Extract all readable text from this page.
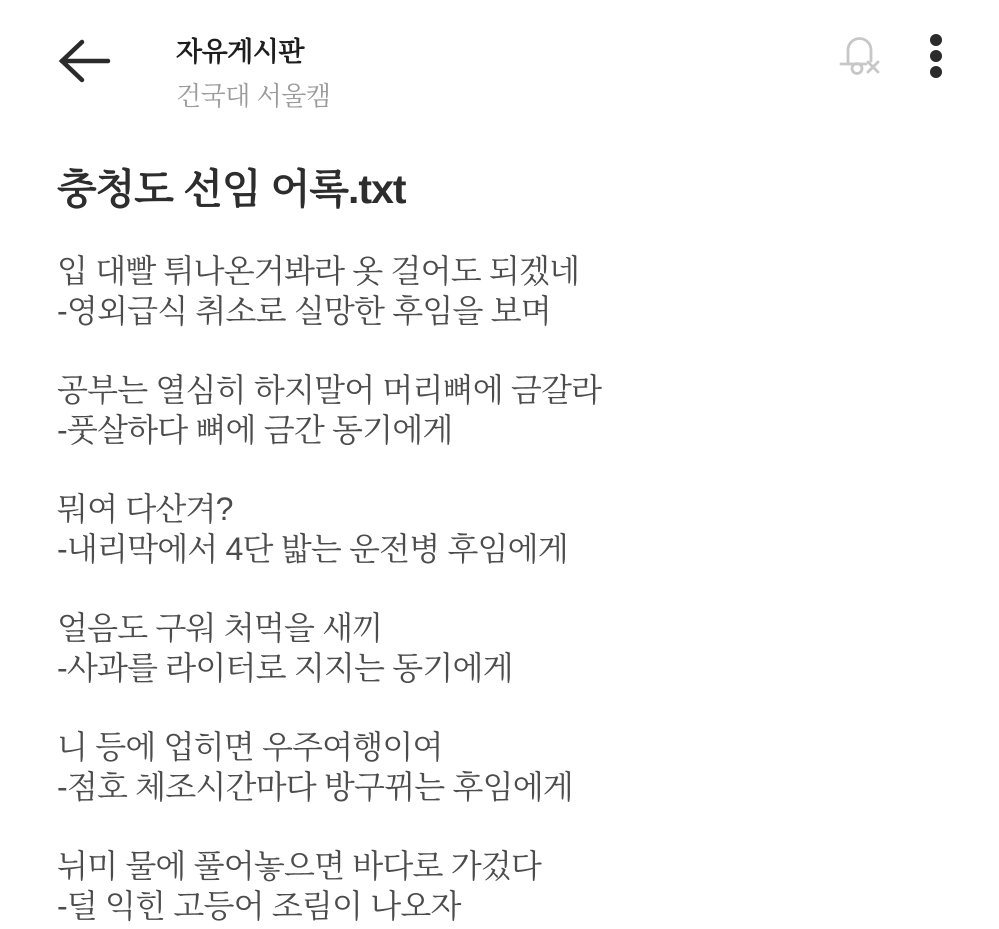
자유게시판
건국대 서울캠
충청도 선임 어록.txt

입 대빨 튀나온거봐라 옷 걸어도 되겠네

-영외급식 취소로 실망한 후임을 보며

공부는 열심히 하지말어 머리뼈에 금갈라

-풋살하다 뼈에 금간 동기에게

뭐여 다산겨?

-내리막에서 4단 밟는 운전병 후임에게

얼음도 구워 처먹을 새끼

-사과를 라이터로 지지는 동기에게

니 등에 업히면 우주여행이여

-점호 체조시간마다 방구뀌는 후임에게

뉘미 물에 풀어놓으면 바다로 가겄다

-덜 익힌 고등어 조림이 나오자
